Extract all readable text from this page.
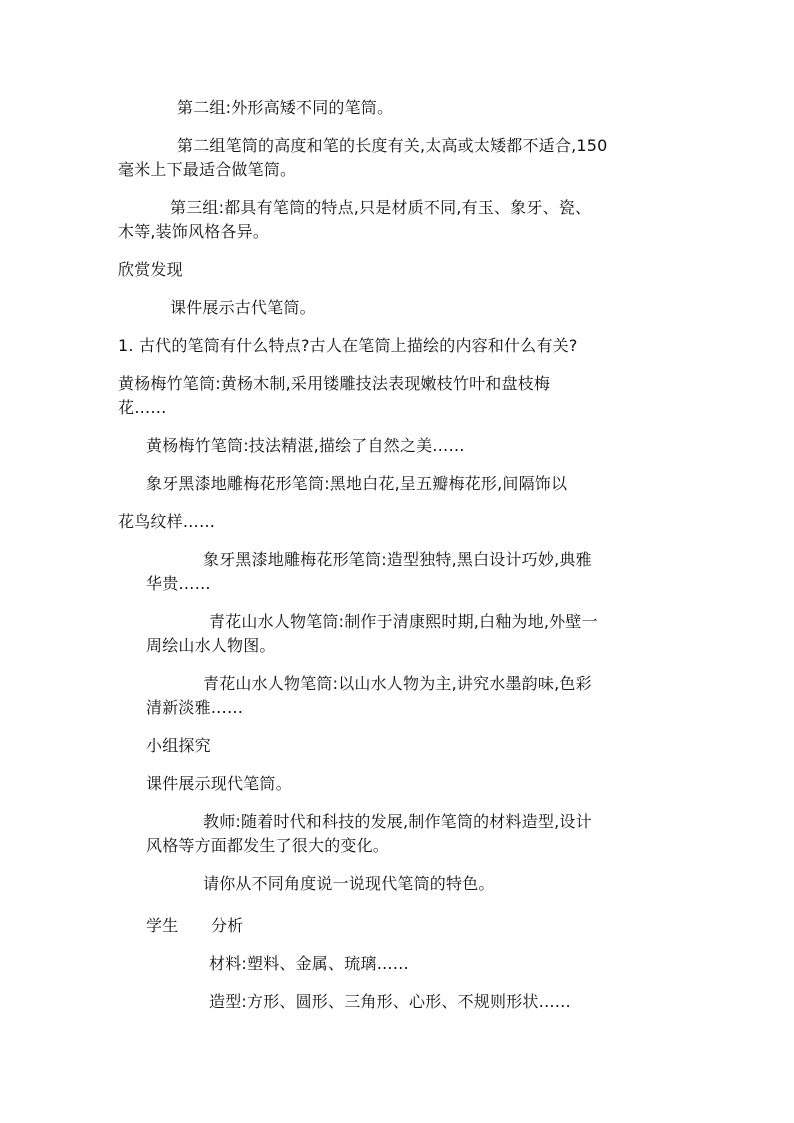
第二组:外形高矮不同的笔筒。
第二组笔筒的高度和笔的长度有关,太高或太矮都不适合,150
毫米上下最适合做笔筒。
第三组:都具有笔筒的特点,只是材质不同,有玉、象牙、瓷、
木等,装饰风格各异。
欣赏发现
课件展示古代笔筒。
1. 古代的笔筒有什么特点?古人在笔筒上描绘的内容和什么有关?
黄杨梅竹笔筒:黄杨木制,采用镂雕技法表现嫩枝竹叶和盘枝梅
花……
黄杨梅竹笔筒:技法精湛,描绘了自然之美……
象牙黑漆地雕梅花形笔筒:黑地白花,呈五瓣梅花形,间隔饰以
花鸟纹样……
象牙黑漆地雕梅花形笔筒:造型独特,黑白设计巧妙,典雅
华贵……
青花山水人物笔筒:制作于清康熙时期,白釉为地,外壁一
周绘山水人物图。
青花山水人物笔筒:以山水人物为主,讲究水墨韵味,色彩
清新淡雅……
小组探究
课件展示现代笔筒。
教师:随着时代和科技的发展,制作笔筒的材料造型,设计
风格等方面都发生了很大的变化。
请你从不同角度说一说现代笔筒的特色。
学生 分析
材料:塑料、金属、琉璃……
造型:方形、圆形、三角形、心形、不规则形状……
